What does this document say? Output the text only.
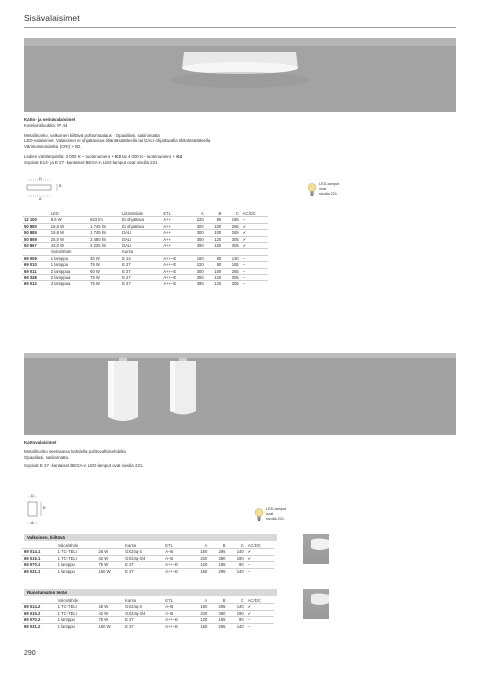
Sisävalaisimet
Katto- ja seinävalaisimet
Kotelointiluokka: IP 44
Metallirunko, valkoinen kiiltävä polttomaalaus · Opaalilasi, satiinimatta
LED-valaisimet: Valaisimet ei ohjattavana tiliäntäsäätteella tai DALI-ohjattavalla tiliäntäsäätteella
Värintoistoindeksi (CRI) > 80.
Ledien värilämpötila: 3 000 K – tuotenumero + K3 tai 4 000 K– tuotenumero + K4
Sopivat E14- ja E 27 -kantaiset BEGA-n LED-lamput ovat sivulla 221.
D
B
A
LED-lamput
ovat
sivulla 221.
	LED		Liitäntälaite	ETL	A	B	C	AC/DC
12 100	8,5 W	923 lm	Ei ohjattava	A++	220	90	185	–
50 880	18,8 W	1 745 lm	Ei ohjattava	A++	300	100	265	✔
50 885	18,8 W	1 745 lm	DALI	A++	300	100	265	✔
50 859	25,0 W	2 480 lm	DALI	A++	350	120	305	✔
50 867	43,0 W	4 225 lm	DALI	A++	390	120	305	✔
	Valonlähde		Kanta					
69 009	1 lamppu	40 W	E 14	A++–E	160	80	130	–
69 010	1 lamppu	75 W	E 27	A++–E	220	90	185	–
69 011	2 lamppua	60 W	E 27	A++–E	300	100	265	–
69 348	2 lamppua	75 W	E 27	A++–E	350	120	305	–
69 012	3 lamppua	75 W	E 27	A++–E	390	120	305	–
Kattovalaisimet
Metallirunko seetasiesa kahdella polttovalhiisehdella
Opaalilasi, satiinimatta.
Sopivat E 27 -kantaiset BEGA-n LED-lamput ovat sivulla 221.
D
B
A
LED-lamput
ovat
sivulla 221.
Valkoinen, kiiltävä
	Valonlähde		Kanta	ETL	A	B	C	AC/DC
69 014.1	1 TC-TELI	26 W	GX24q-3	A–B	160	295	140	✔
69 015.1	1 TC-TELI	42 W	GX24q-3/4	A–B	220	380	190	✔
69 070.1	1 lamppu	75 W	E 27	A++–E	120	185	90	–
69 031.1	1 lamppu	150 W	E 27	A++–E	160	295	140	–
Ruostumaton teräs
	Valonlähde		Kanta	ETL	A	B	C	AC/DC
69 014.2	1 TC-TELI	26 W	GX24q-3	A–B	160	295	140	✔
69 015.2	1 TC-TELI	42 W	GX24q-3/4	A–B	220	380	190	✔
69 070.2	1 lamppu	75 W	E 27	A++–E	120	185	90	–
69 031.2	1 lamppu	150 W	E 27	A++–E	160	295	140	–
290
